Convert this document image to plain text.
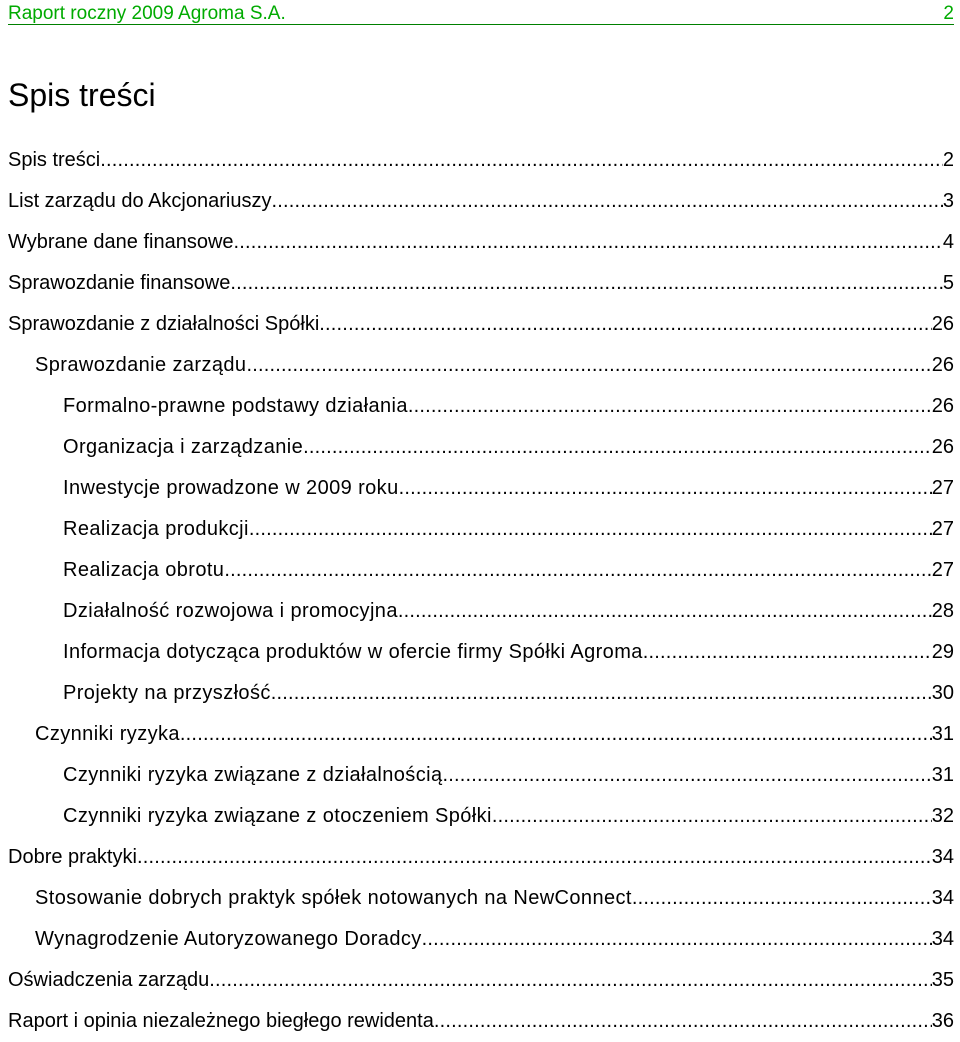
Raport roczny 2009 Agroma S.A.	2
Spis treści
Spis treści .....	2
List zarządu do Akcjonariuszy .....	3
Wybrane dane finansowe .....	4
Sprawozdanie finansowe .....	5
Sprawozdanie z działalności Spółki .....	26
Sprawozdanie zarządu .....	26
Formalno-prawne podstawy działania .....	26
Organizacja i zarządzanie .....	26
Inwestycje prowadzone w 2009 roku .....	27
Realizacja produkcji .....	27
Realizacja obrotu .....	27
Działalność rozwojowa i promocyjna .....	28
Informacja dotycząca produktów w ofercie firmy Spółki Agroma .....	29
Projekty na przyszłość .....	30
Czynniki ryzyka .....	31
Czynniki ryzyka związane z działalnością .....	31
Czynniki ryzyka związane z otoczeniem Spółki .....	32
Dobre praktyki .....	34
Stosowanie dobrych praktyk spółek notowanych na NewConnect .....	34
Wynagrodzenie Autoryzowanego Doradcy .....	34
Oświadczenia zarządu .....	35
Raport i opinia niezależnego biegłego rewidenta .....	36
